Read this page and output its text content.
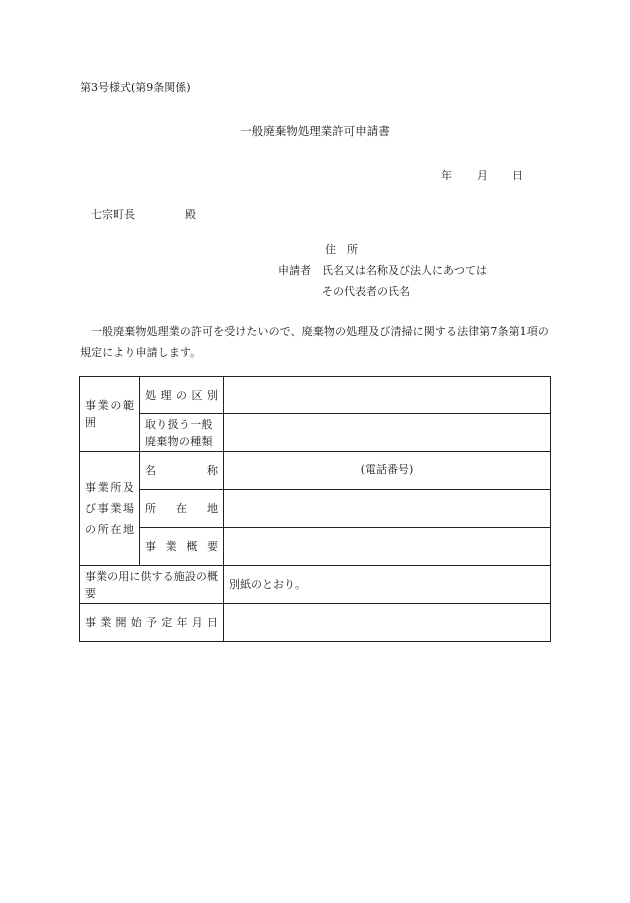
第3号様式(第9条関係)
一般廃棄物処理業許可申請書
年 月 日
七宗町長	殿
住所
申請者 氏名又は名称及び法人にあつては
その代表者の氏名
一般廃棄物処理業の許可を受けたいので、廃棄物の処理及び清掃に関する法律第7条第1項の規定により申請します。
事業の範囲	処理の区別	
	取り扱う一般廃棄物の種類	
事業所及び事業場の所在地	名称	(電話番号)
	所在地	
	事業概要	
事業の用に供する施設の概要		別紙のとおり。
事業開始予定年月日		
